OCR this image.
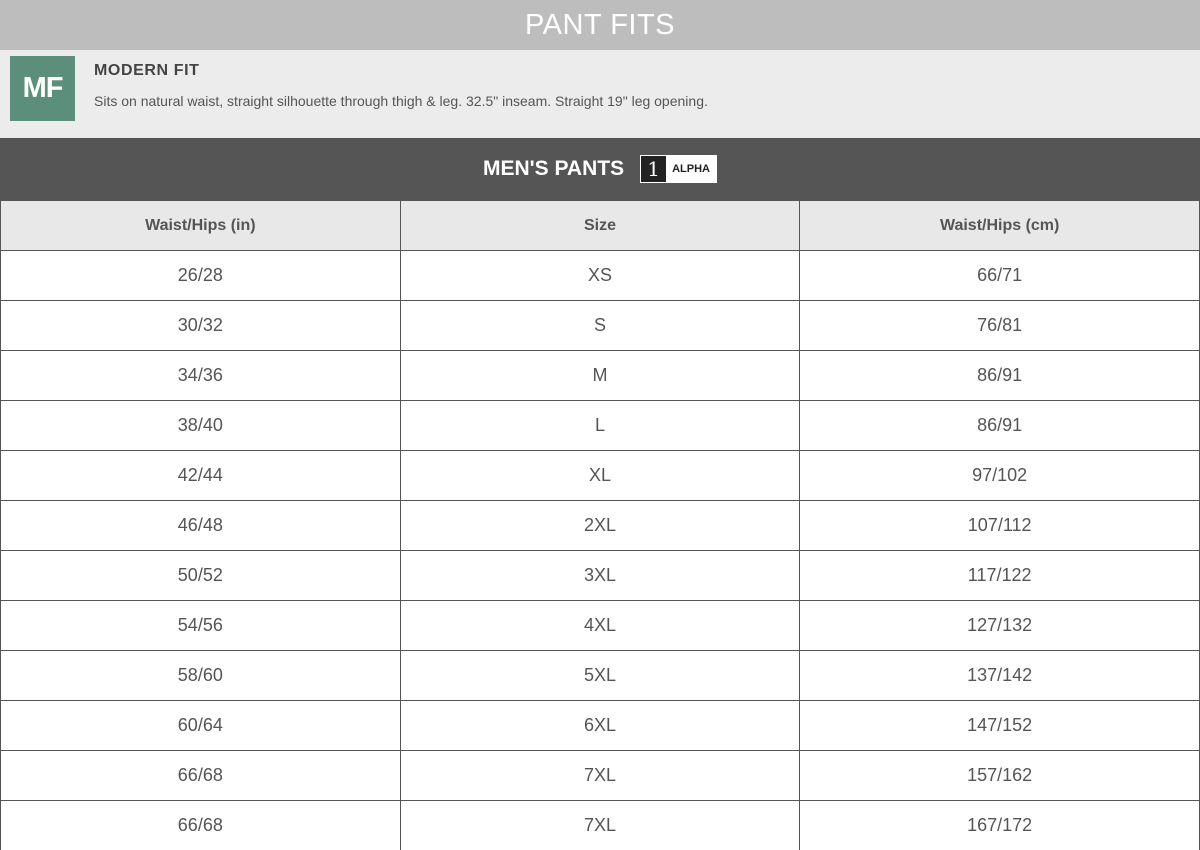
PANT FITS
MF
MODERN FIT
Sits on natural waist, straight silhouette through thigh & leg. 32.5" inseam. Straight 19" leg opening.
MEN'S PANTS	1	ALPHA
Waist/Hips (in)	Size	Waist/Hips (cm)
26/28	XS	66/71
30/32	S	76/81
34/36	M	86/91
38/40	L	86/91
42/44	XL	97/102
46/48	2XL	107/112
50/52	3XL	117/122
54/56	4XL	127/132
58/60	5XL	137/142
60/64	6XL	147/152
66/68	7XL	157/162
66/68	7XL	167/172
